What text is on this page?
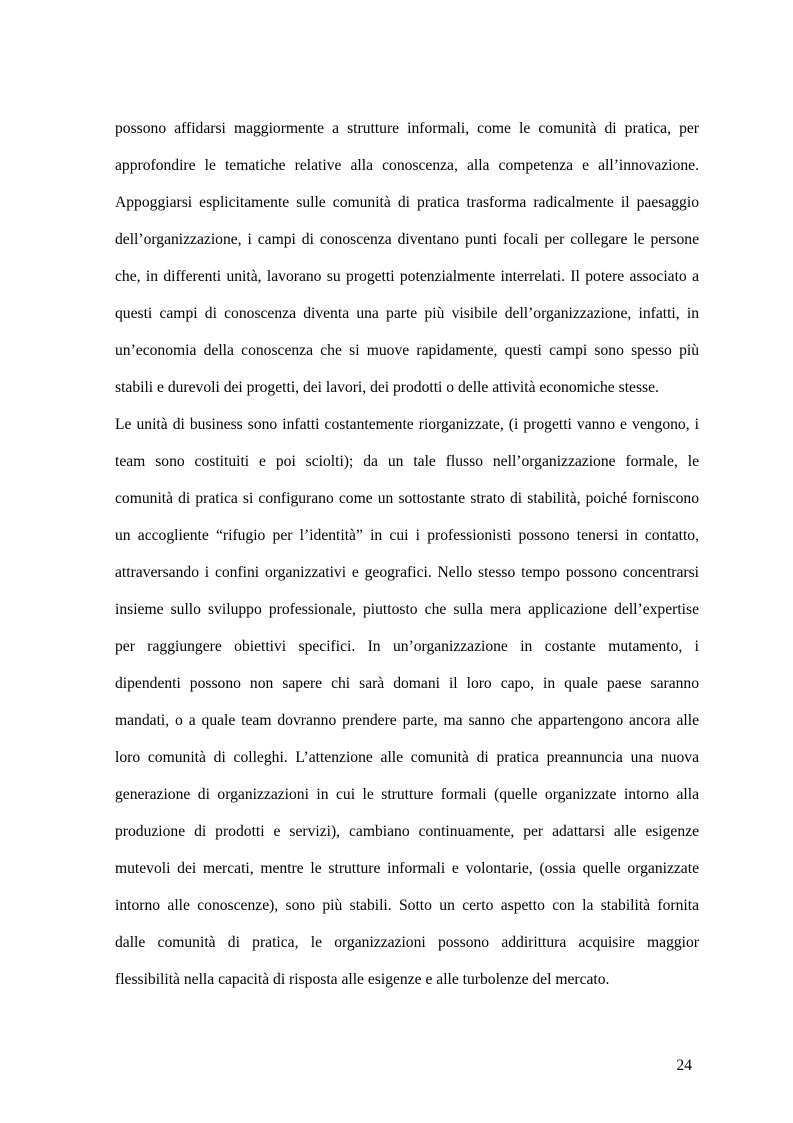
possono affidarsi maggiormente a strutture informali, come le comunità di pratica, per
approfondire le tematiche relative alla conoscenza, alla competenza e all’innovazione.
Appoggiarsi esplicitamente sulle comunità di pratica trasforma radicalmente il paesaggio
dell’organizzazione, i campi di conoscenza diventano punti focali per collegare le persone
che, in differenti unità, lavorano su progetti potenzialmente interrelati. Il potere associato a
questi campi di conoscenza diventa una parte più visibile dell’organizzazione, infatti, in
un’economia della conoscenza che si muove rapidamente, questi campi sono spesso più
stabili e durevoli dei progetti, dei lavori, dei prodotti o delle attività economiche stesse.
Le unità di business sono infatti costantemente riorganizzate, (i progetti vanno e vengono, i
team sono costituiti e poi sciolti); da un tale flusso nell’organizzazione formale, le
comunità di pratica si configurano come un sottostante strato di stabilità, poiché forniscono
un accogliente “rifugio per l’identità” in cui i professionisti possono tenersi in contatto,
attraversando i confini organizzativi e geografici. Nello stesso tempo possono concentrarsi
insieme sullo sviluppo professionale, piuttosto che sulla mera applicazione dell’expertise
per raggiungere obiettivi specifici. In un’organizzazione in costante mutamento, i
dipendenti possono non sapere chi sarà domani il loro capo, in quale paese saranno
mandati, o a quale team dovranno prendere parte, ma sanno che appartengono ancora alle
loro comunità di colleghi. L’attenzione alle comunità di pratica preannuncia una nuova
generazione di organizzazioni in cui le strutture formali (quelle organizzate intorno alla
produzione di prodotti e servizi), cambiano continuamente, per adattarsi alle esigenze
mutevoli dei mercati, mentre le strutture informali e volontarie, (ossia quelle organizzate
intorno alle conoscenze), sono più stabili. Sotto un certo aspetto con la stabilità fornita
dalle comunità di pratica, le organizzazioni possono addirittura acquisire maggior
flessibilità nella capacità di risposta alle esigenze e alle turbolenze del mercato.
24
